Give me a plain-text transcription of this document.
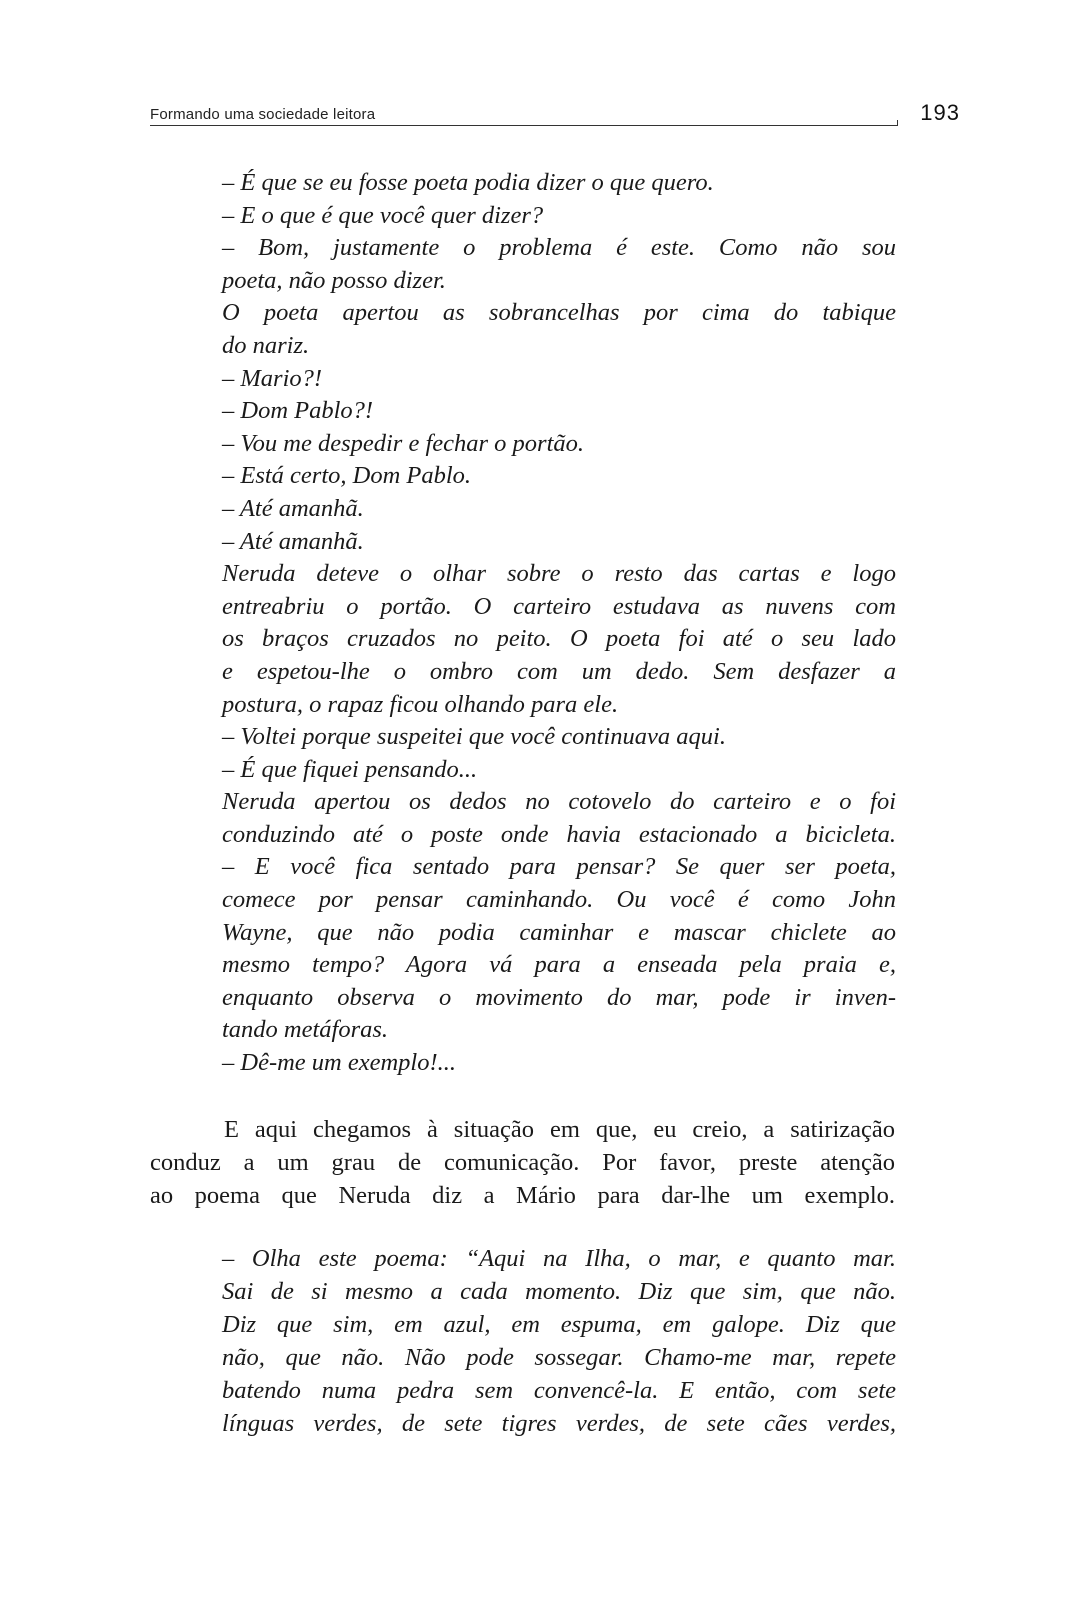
Formando uma sociedade leitora	193
– É que se eu fosse poeta podia dizer o que quero.
– E o que é que você quer dizer?
– Bom, justamente o problema é este. Como não sou
poeta, não posso dizer.
O poeta apertou as sobrancelhas por cima do tabique
do nariz.
– Mario?!
– Dom Pablo?!
– Vou me despedir e fechar o portão.
– Está certo, Dom Pablo.
– Até amanhã.
– Até amanhã.
Neruda deteve o olhar sobre o resto das cartas e logo
entreabriu o portão. O carteiro estudava as nuvens com
os braços cruzados no peito. O poeta foi até o seu lado
e espetou-lhe o ombro com um dedo. Sem desfazer a
postura, o rapaz ficou olhando para ele.
– Voltei porque suspeitei que você continuava aqui.
– É que fiquei pensando...
Neruda apertou os dedos no cotovelo do carteiro e o foi
conduzindo até o poste onde havia estacionado a bicicleta.
– E você fica sentado para pensar? Se quer ser poeta,
comece por pensar caminhando. Ou você é como John
Wayne, que não podia caminhar e mascar chiclete ao
mesmo tempo? Agora vá para a enseada pela praia e,
enquanto observa o movimento do mar, pode ir inven-
tando metáforas.
– Dê-me um exemplo!...
E aqui chegamos à situação em que, eu creio, a satirização
conduz a um grau de comunicação. Por favor, preste atenção
ao poema que Neruda diz a Mário para dar-lhe um exemplo.
– Olha este poema: “Aqui na Ilha, o mar, e quanto mar.
Sai de si mesmo a cada momento. Diz que sim, que não.
Diz que sim, em azul, em espuma, em galope. Diz que
não, que não. Não pode sossegar. Chamo-me mar, repete
batendo numa pedra sem convencê-la. E então, com sete
línguas verdes, de sete tigres verdes, de sete cães verdes,
